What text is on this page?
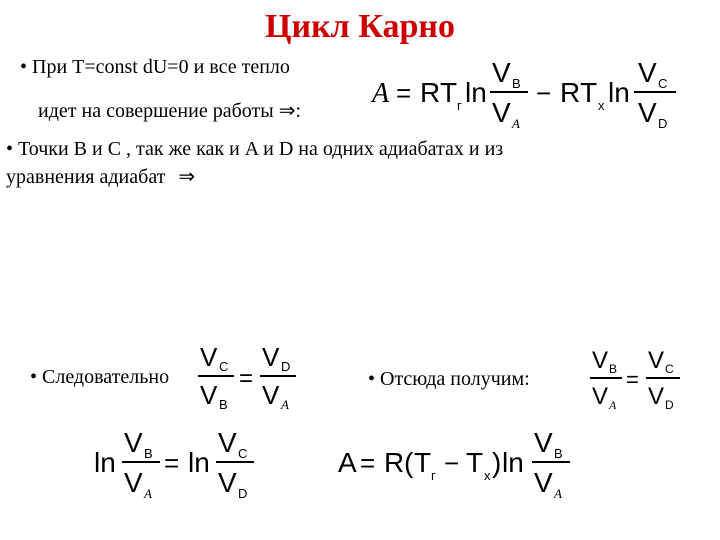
Цикл Карно
• При T=const dU=0 и все тепло
идет на совершение работы ⇒:
A = R T г ln
V B
V A
− R T x ln
V C
V D
• Точки B и C , так же как и A и D на одних адиабатах и из
уравнения адиабат ⇒
• Следовательно
V C
V B
=
V D
V A
• Отсюда получим:
V B
V A
=
V C
V D
ln
V B
V A
= ln
V C
V D
A = R ( T г − T x ) ln
V B
V A
